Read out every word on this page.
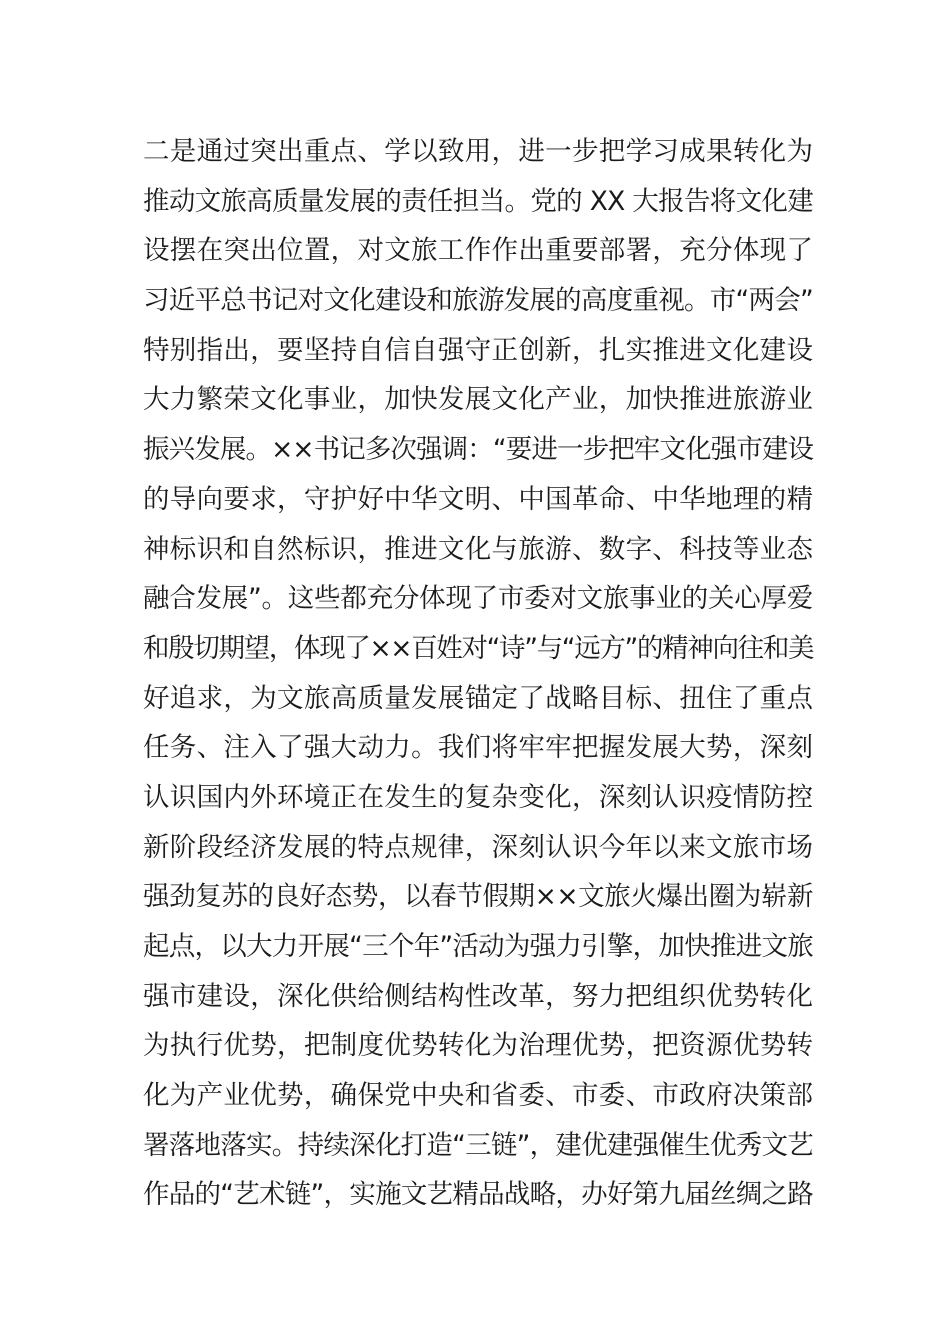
二是通过突出重点、学以致用，进一步把学习成果转化为
推动文旅高质量发展的责任担当。党的 XX 大报告将文化建
设摆在突出位置，对文旅工作作出重要部署，充分体现了
习近平总书记对文化建设和旅游发展的高度重视。市“两会”
特别指出，要坚持自信自强守正创新，扎实推进文化建设
大力繁荣文化事业，加快发展文化产业，加快推进旅游业
振兴发展。××书记多次强调：“要进一步把牢文化强市建设
的导向要求，守护好中华文明、中国革命、中华地理的精
神标识和自然标识，推进文化与旅游、数字、科技等业态
融合发展”。这些都充分体现了市委对文旅事业的关心厚爱
和殷切期望，体现了××百姓对“诗”与“远方”的精神向往和美
好追求，为文旅高质量发展锚定了战略目标、扭住了重点
任务、注入了强大动力。我们将牢牢把握发展大势，深刻
认识国内外环境正在发生的复杂变化，深刻认识疫情防控
新阶段经济发展的特点规律，深刻认识今年以来文旅市场
强劲复苏的良好态势，以春节假期××文旅火爆出圈为崭新
起点，以大力开展“三个年”活动为强力引擎，加快推进文旅
强市建设，深化供给侧结构性改革，努力把组织优势转化
为执行优势，把制度优势转化为治理优势，把资源优势转
化为产业优势，确保党中央和省委、市委、市政府决策部
署落地落实。持续深化打造“三链”，建优建强催生优秀文艺
作品的“艺术链”，实施文艺精品战略，办好第九届丝绸之路
